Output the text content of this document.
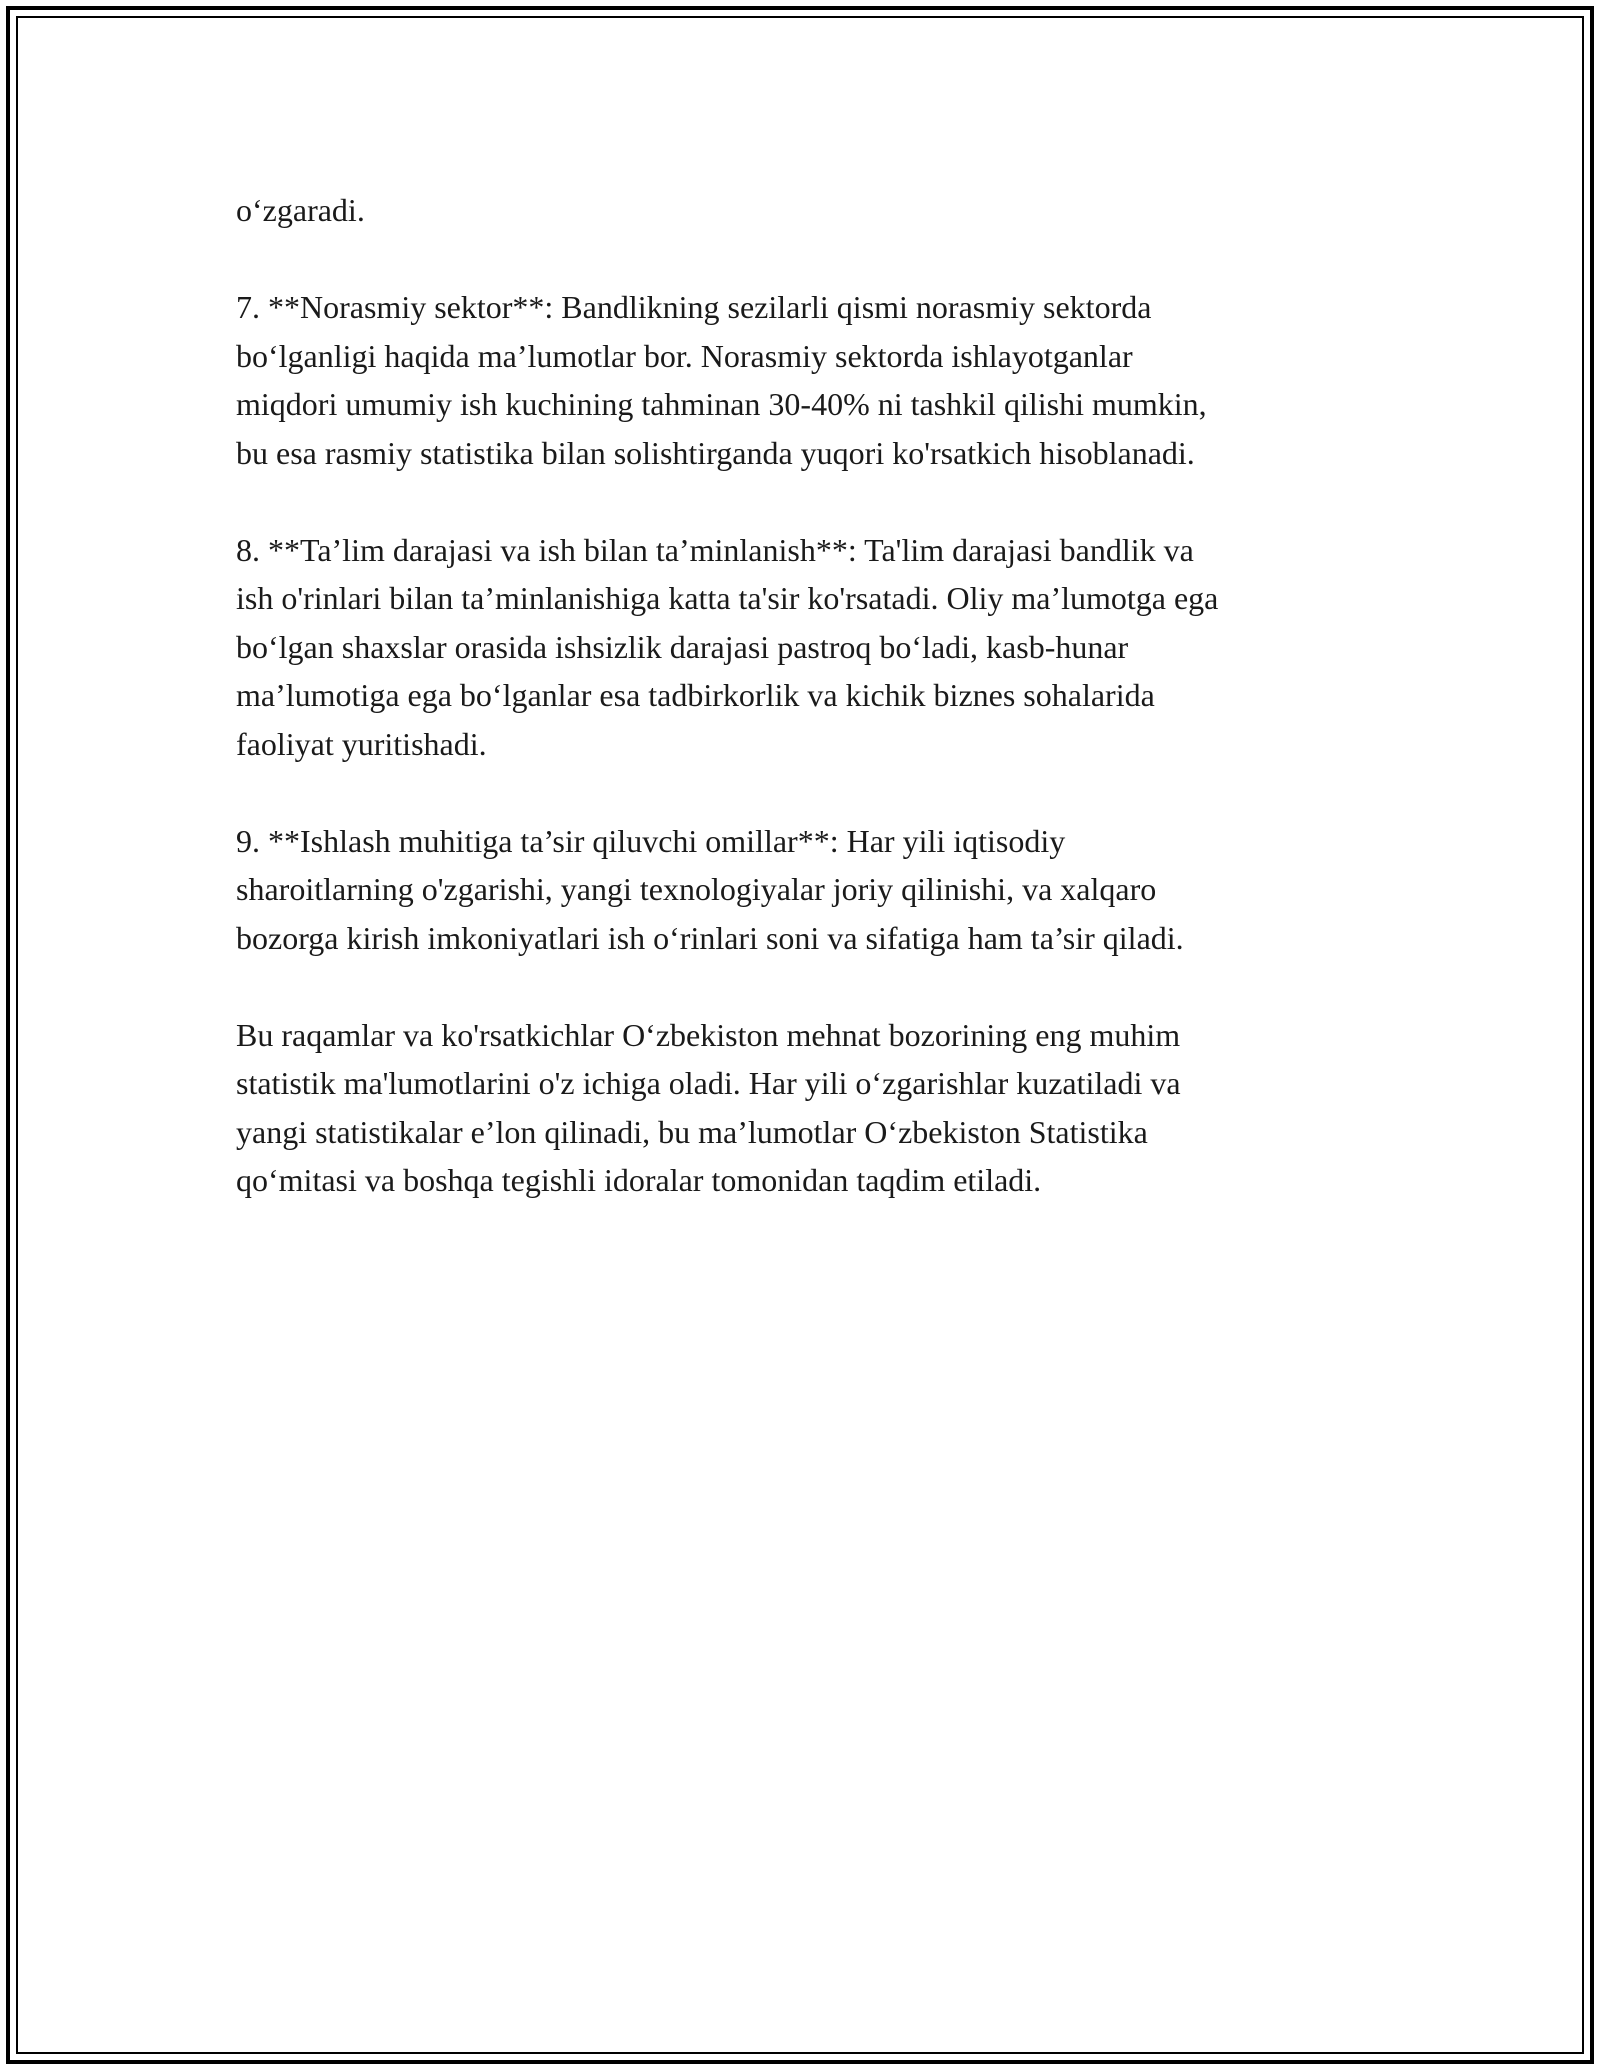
o‘zgaradi.
7. **Norasmiy sektor**: Bandlikning sezilarli qismi norasmiy sektorda
bo‘lganligi haqida ma’lumotlar bor. Norasmiy sektorda ishlayotganlar
miqdori umumiy ish kuchining tahminan 30-40% ni tashkil qilishi mumkin,
bu esa rasmiy statistika bilan solishtirganda yuqori ko'rsatkich hisoblanadi.
8. **Ta’lim darajasi va ish bilan ta’minlanish**: Ta'lim darajasi bandlik va
ish o'rinlari bilan ta’minlanishiga katta ta'sir ko'rsatadi. Oliy ma’lumotga ega
bo‘lgan shaxslar orasida ishsizlik darajasi pastroq bo‘ladi, kasb-hunar
ma’lumotiga ega bo‘lganlar esa tadbirkorlik va kichik biznes sohalarida
faoliyat yuritishadi.
9. **Ishlash muhitiga ta’sir qiluvchi omillar**: Har yili iqtisodiy
sharoitlarning o'zgarishi, yangi texnologiyalar joriy qilinishi, va xalqaro
bozorga kirish imkoniyatlari ish o‘rinlari soni va sifatiga ham ta’sir qiladi.
Bu raqamlar va ko'rsatkichlar O‘zbekiston mehnat bozorining eng muhim
statistik ma'lumotlarini o'z ichiga oladi. Har yili o‘zgarishlar kuzatiladi va
yangi statistikalar e’lon qilinadi, bu ma’lumotlar O‘zbekiston Statistika
qo‘mitasi va boshqa tegishli idoralar tomonidan taqdim etiladi.
